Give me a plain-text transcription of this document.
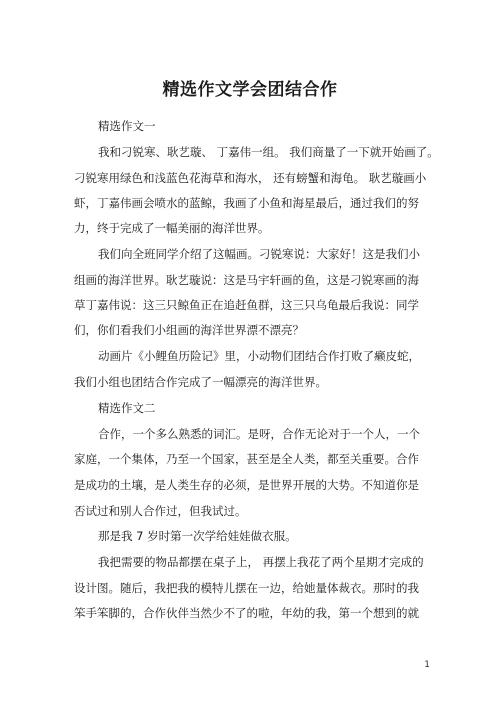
精选作文学会团结合作
精选作文一
我和刁锐寒、耿艺璇、 丁嘉伟一组。 我们商量了一下就开始画了。
刁锐寒用绿色和浅蓝色花海草和海水， 还有螃蟹和海龟。 耿艺璇画小
虾，丁嘉伟画会喷水的蓝鲸，我画了小鱼和海星最后，通过我们的努
力，终于完成了一幅美丽的海洋世界。
我们向全班同学介绍了这幅画。刁锐寒说：大家好！这是我们小
组画的海洋世界。耿艺璇说：这是马宇轩画的鱼，这是刁锐寒画的海
草丁嘉伟说：这三只鲸鱼正在追赶鱼群，这三只乌龟最后我说：同学
们，你们看我们小组画的海洋世界漂不漂亮？
动画片《小鲤鱼历险记》里，小动物们团结合作打败了癞皮蛇，
我们小组也团结合作完成了一幅漂亮的海洋世界。
精选作文二
合作，一个多么熟悉的词汇。是呀，合作无论对于一个人，一个
家庭，一个集体，乃至一个国家，甚至是全人类，都至关重要。合作
是成功的土壤，是人类生存的必须，是世界开展的大势。不知道你是
否试过和别人合作过，但我试过。
那是我 7 岁时第一次学给娃娃做衣服。
我把需要的物品都摆在桌子上， 再摆上我花了两个星期才完成的
设计图。随后，我把我的模特儿摆在一边，给她量体裁衣。那时的我
笨手笨脚的，合作伙伴当然少不了的啦，年幼的我，第一个想到的就
1
